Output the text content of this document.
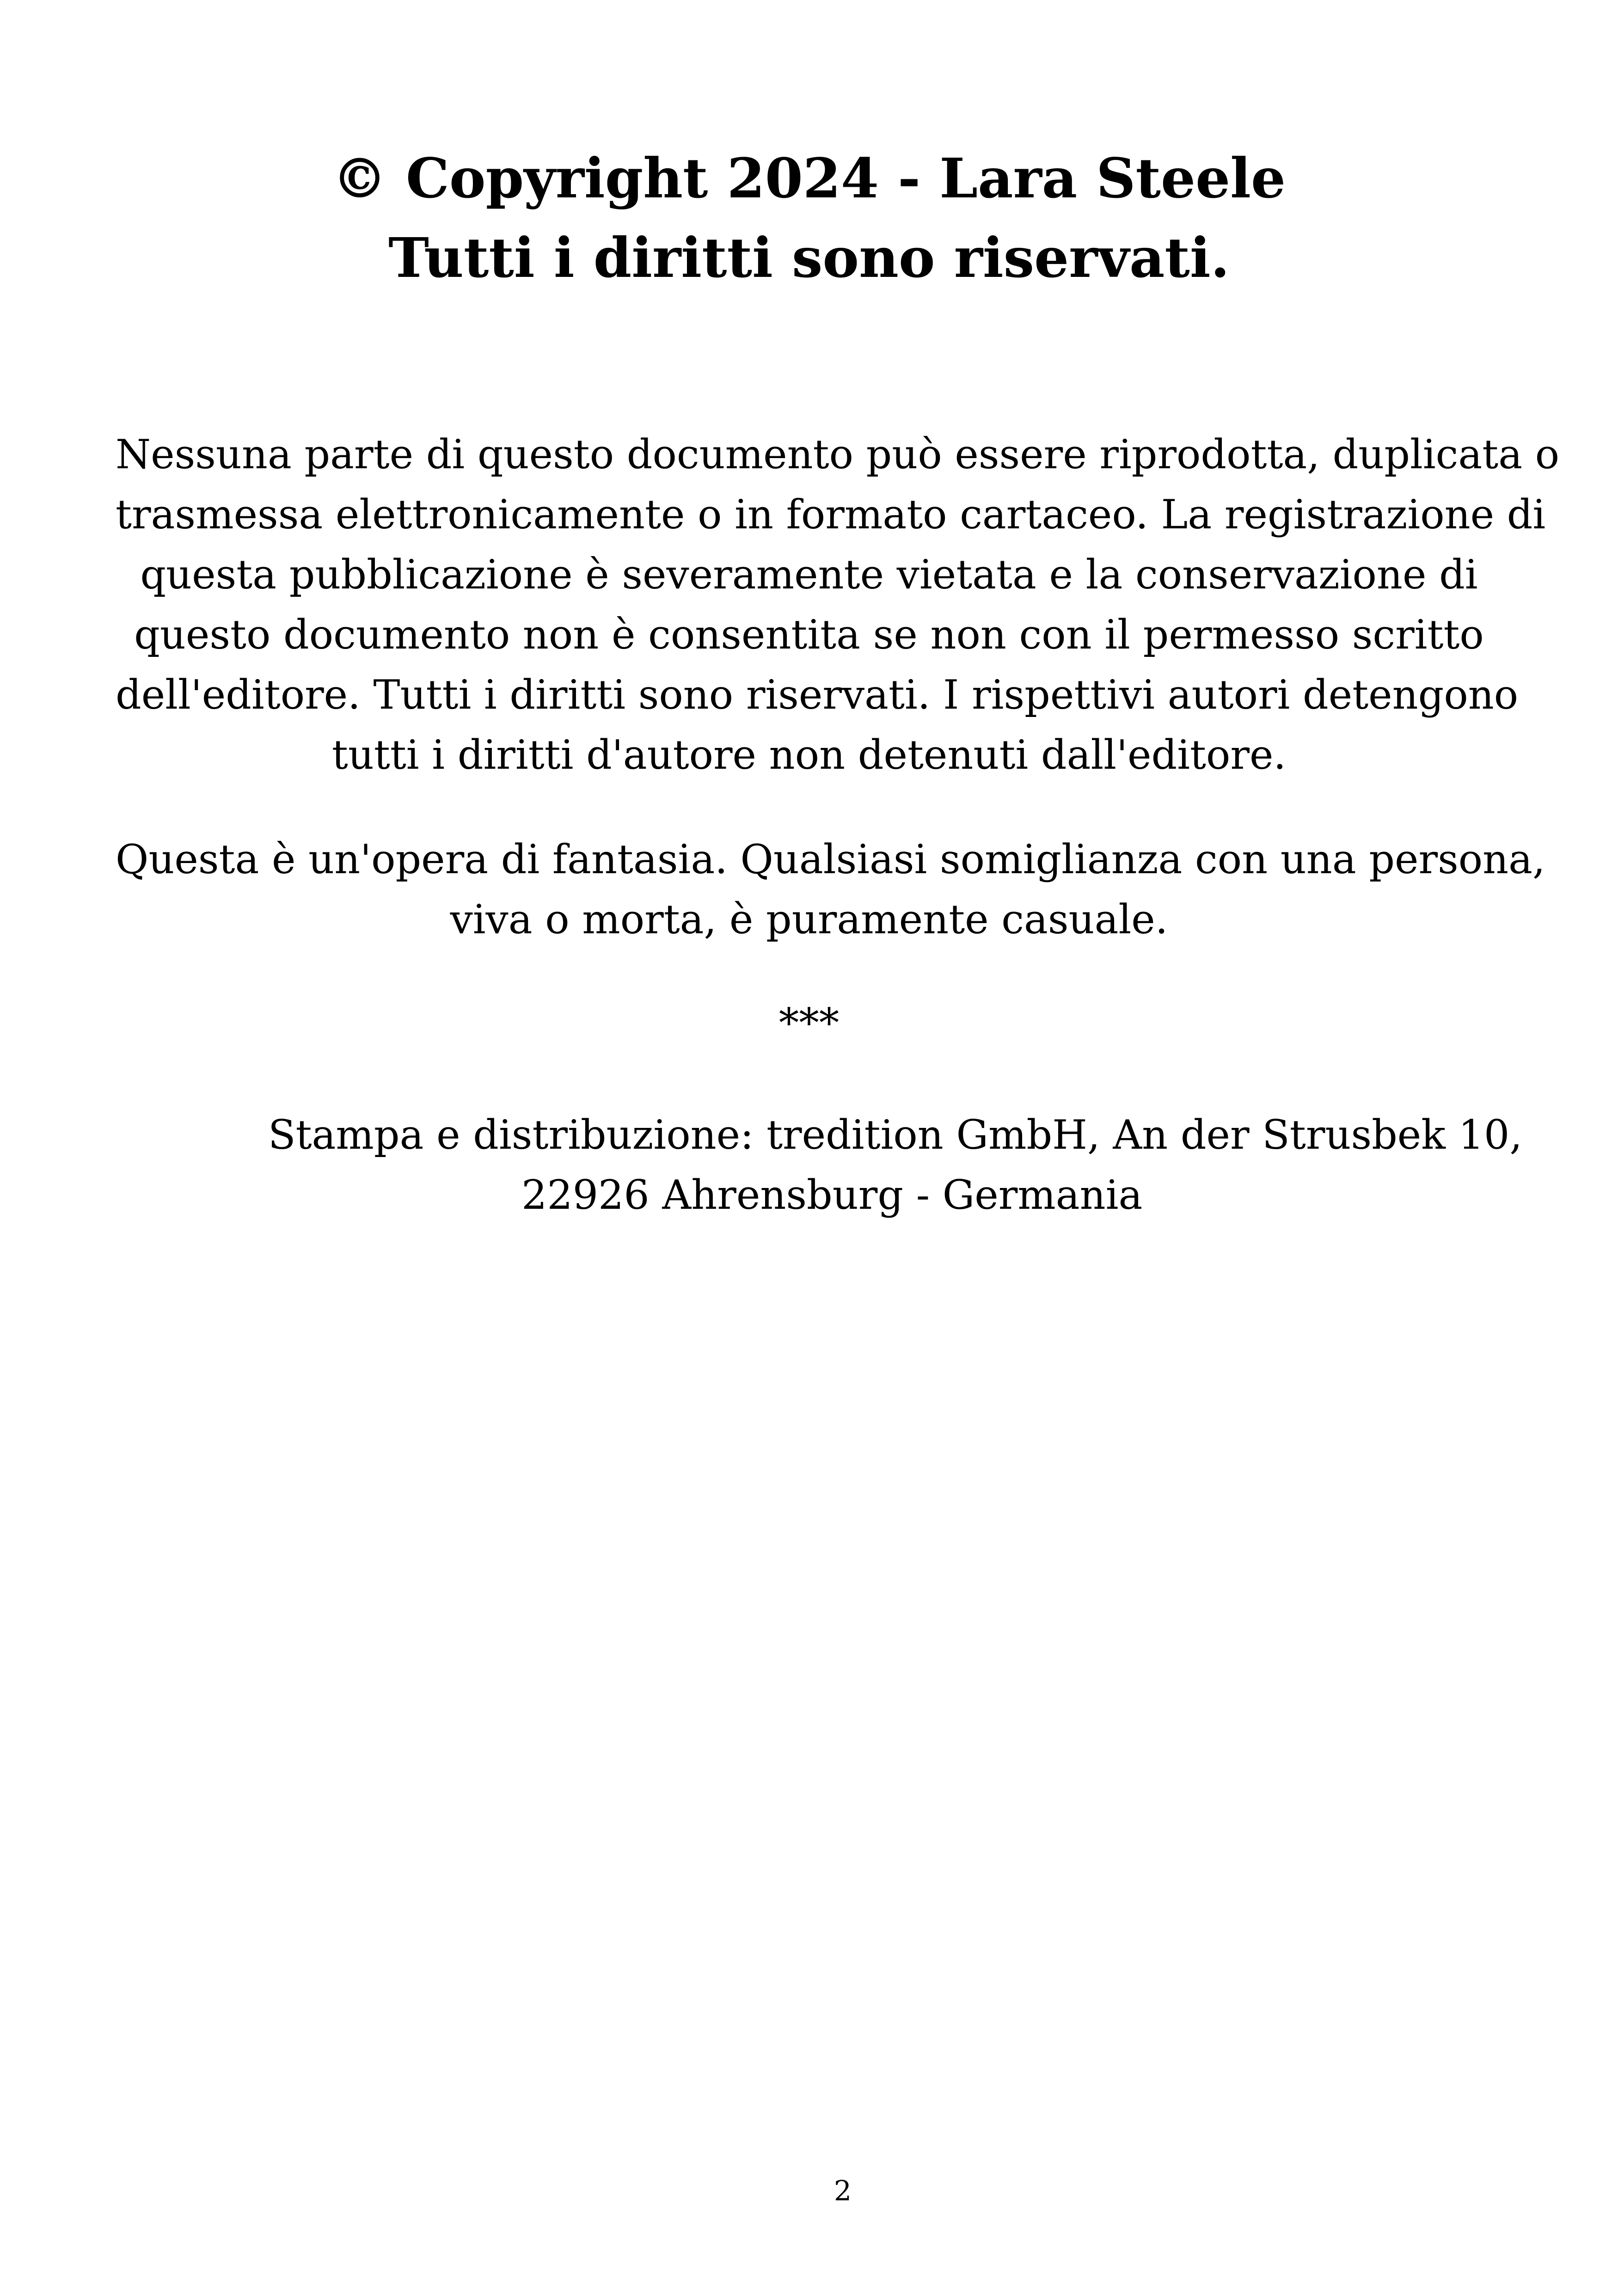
© Copyright 2024 - Lara Steele
Tutti i diritti sono riservati.
Nessuna parte di questo documento può essere riprodotta, duplicata o
trasmessa elettronicamente o in formato cartaceo. La registrazione di
questa pubblicazione è severamente vietata e la conservazione di
questo documento non è consentita se non con il permesso scritto
dell'editore. Tutti i diritti sono riservati. I rispettivi autori detengono
tutti i diritti d'autore non detenuti dall'editore.
Questa è un'opera di fantasia. Qualsiasi somiglianza con una persona,
viva o morta, è puramente casuale.
***
Stampa e distribuzione: tredition GmbH, An der Strusbek 10,
22926 Ahrensburg - Germania
2
